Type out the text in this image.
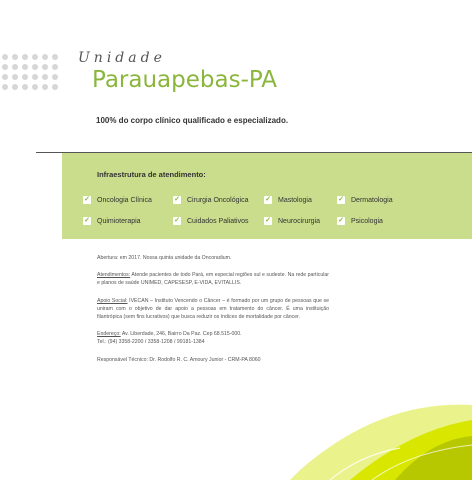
Unidade
Parauapebas-PA
100% do corpo clínico qualificado e especializado.
Infraestrutura de atendimento:
✓ Oncologia Clínica	✓ Cirurgia Oncológica ✓ Mastologia	✓ Dermatologia
✓ Quimioterapia	✓ Cuidados Paliativos ✓ Neurocirurgia	✓ Psicologia

Abertura: em 2017. Nossa quinta unidade da Oncoradium.

Atendimentos: Atende pacientes de todo Pará, em especial regiões sul e sudeste. Na rede particular e planos de saúde UNIMED, CAPESESP, E-VIDA, EVITALLIS.

Apoio Social: IVECAN – Instituto Vencendo o Câncer – é formado por um grupo de pessoas que se uniram com o objetivo de dar apoio a pessoas em tratamento do câncer. É uma instituição filantrópica (sem fins lucrativos) que busca reduzir os índices de mortalidade por câncer.

Endereço: Av. Liberdade, 246, Bairro Da Paz. Cep 68.515-000.
Tel.: (94) 3358-2200 / 3358-1208 / 99181-1384

Responsável Técnico: Dr. Rodolfo R. C. Amoury Junior - CRM-PA 8060
